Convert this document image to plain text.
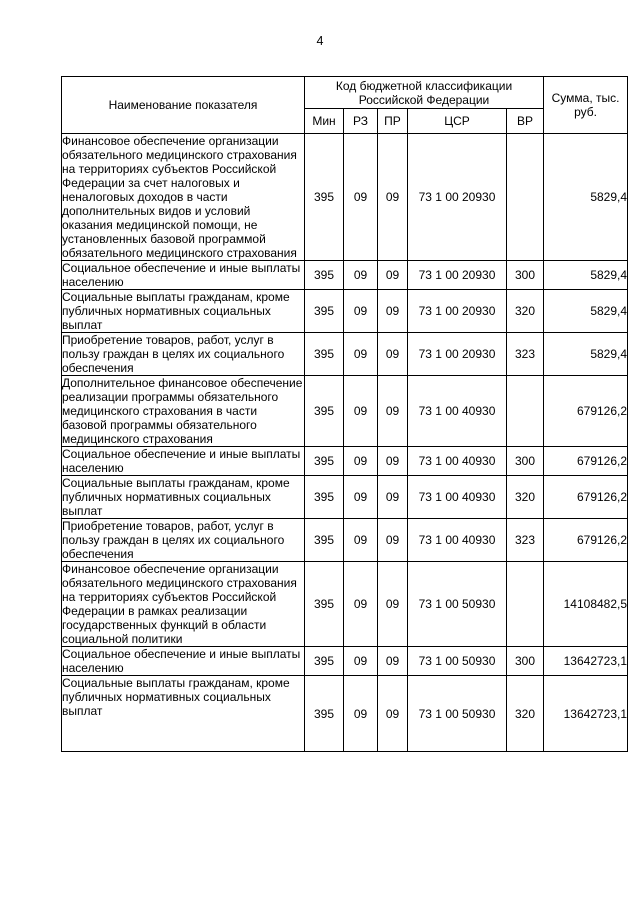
4
Наименование показателя	Код бюджетной классификации Российской Федерации					Сумма, тыс. руб.
	Мин	РЗ	ПР	ЦСР	ВР	
Финансовое обеспечение организации обязательного медицинского страхования на территориях субъектов Российской Федерации за счет налоговых и неналоговых доходов в части дополнительных видов и условий оказания медицинской помощи, не установленных базовой программой обязательного медицинского страхования	395	09	09	73 1 00 20930		5829,4
Социальное обеспечение и иные выплаты населению	395	09	09	73 1 00 20930	300	5829,4
Социальные выплаты гражданам, кроме публичных нормативных социальных выплат	395	09	09	73 1 00 20930	320	5829,4
Приобретение товаров, работ, услуг в пользу граждан в целях их социального обеспечения	395	09	09	73 1 00 20930	323	5829,4
Дополнительное финансовое обеспечение реализации программы обязательного медицинского страхования в части базовой программы обязательного медицинского страхования	395	09	09	73 1 00 40930		679126,2
Социальное обеспечение и иные выплаты населению	395	09	09	73 1 00 40930	300	679126,2
Социальные выплаты гражданам, кроме публичных нормативных социальных выплат	395	09	09	73 1 00 40930	320	679126,2
Приобретение товаров, работ, услуг в пользу граждан в целях их социального обеспечения	395	09	09	73 1 00 40930	323	679126,2
Финансовое обеспечение организации обязательного медицинского страхования на территориях субъектов Российской Федерации в рамках реализации государственных функций в области социальной политики	395	09	09	73 1 00 50930		14108482,5
Социальное обеспечение и иные выплаты населению	395	09	09	73 1 00 50930	300	13642723,1
Социальные выплаты гражданам, кроме публичных нормативных социальных выплат	395	09	09	73 1 00 50930	320	13642723,1
